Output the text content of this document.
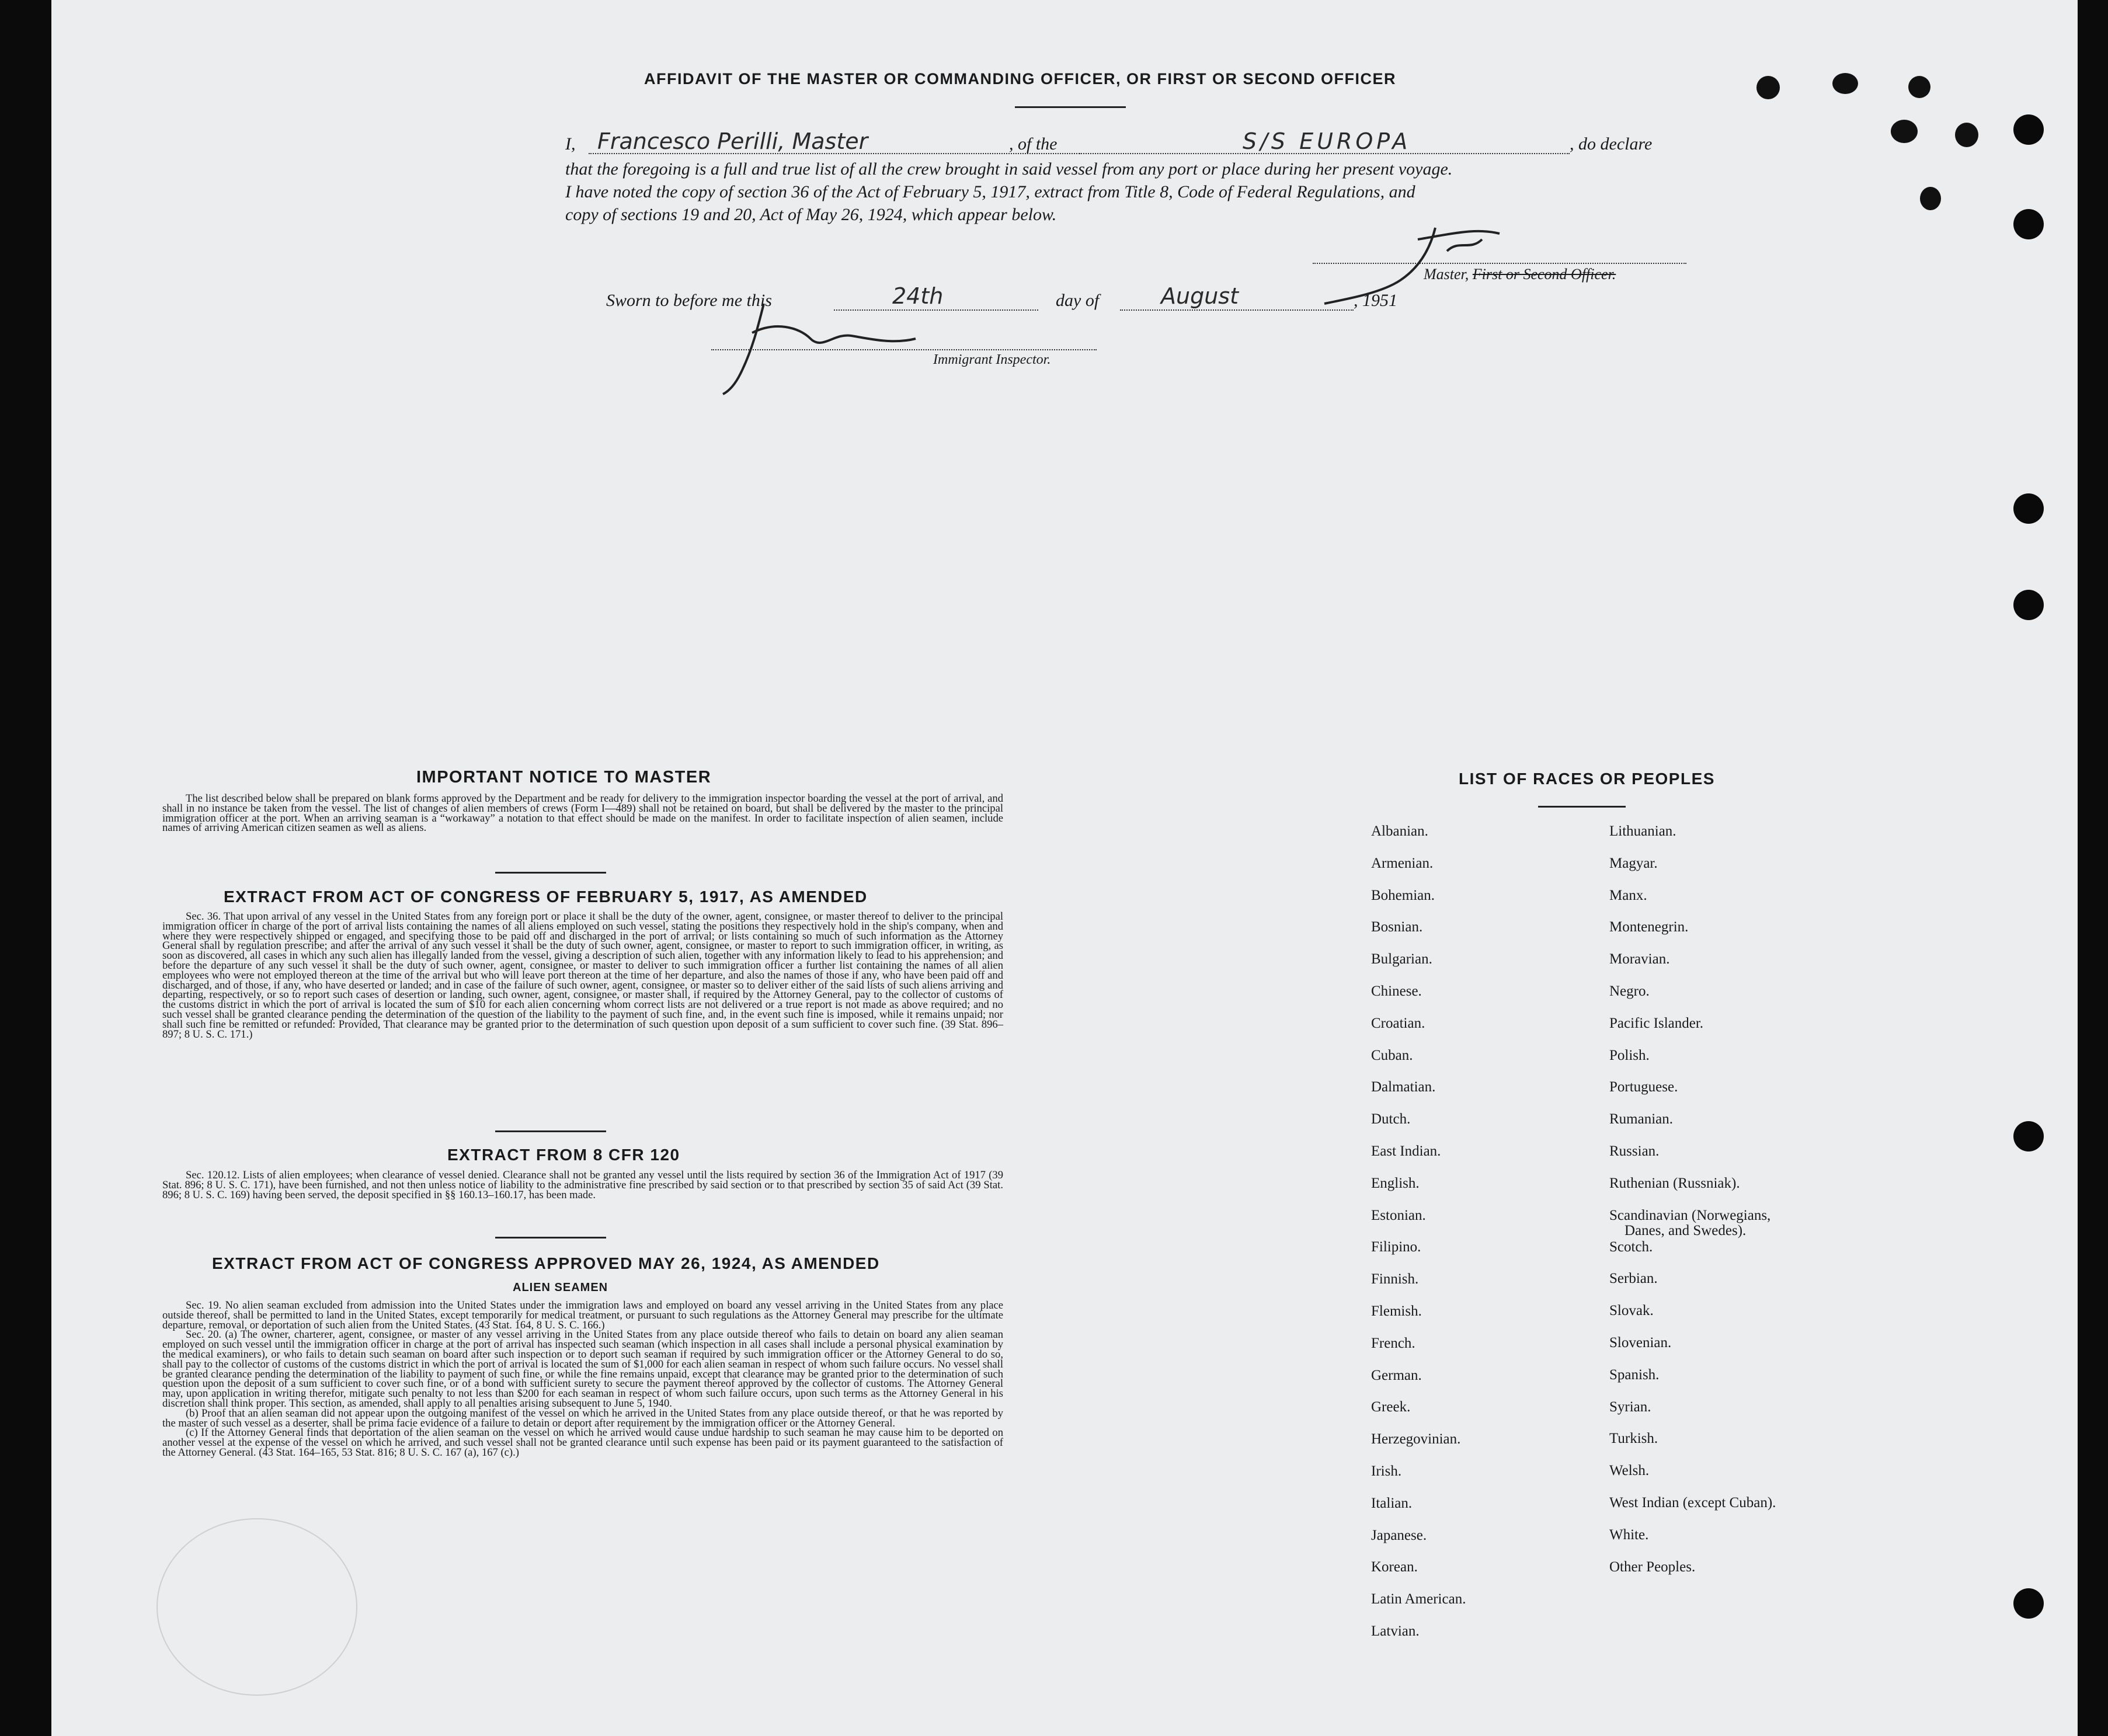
AFFIDAVIT OF THE MASTER OR COMMANDING OFFICER, OR FIRST OR SECOND OFFICER
I, Francesco Perilli, Master	, of the	S/S EUROPA	, do declare
that the foregoing is a full and true list of all the crew brought in said vessel from any port or place during her present voyage.
I have noted the copy of section 36 of the Act of February 5, 1917, extract from Title 8, Code of Federal Regulations, and
copy of sections 19 and 20, Act of May 26, 1924, which appear below.
Master, First or Second Officer.
Sworn to before me this	24th	day of	August	, 1951
Immigrant Inspector.
IMPORTANT NOTICE TO MASTER

The list described below shall be prepared on blank forms approved by the Department and be ready for delivery to the immigration inspector boarding the vessel at the port of arrival, and shall in no instance be taken from the vessel. The list of changes of alien members of crews (Form I—489) shall not be retained on board, but shall be delivered by the master to the principal immigration officer at the port. When an arriving seaman is a “workaway” a notation to that effect should be made on the manifest. In order to facilitate inspection of alien seamen, include names of arriving American citizen seamen as well as aliens.

EXTRACT FROM ACT OF CONGRESS OF FEBRUARY 5, 1917, AS AMENDED

Sec. 36. That upon arrival of any vessel in the United States from any foreign port or place it shall be the duty of the owner, agent, consignee, or master thereof to deliver to the principal immigration officer in charge of the port of arrival lists containing the names of all aliens employed on such vessel, stating the positions they respectively hold in the ship's company, when and where they were respectively shipped or engaged, and specifying those to be paid off and discharged in the port of arrival; or lists containing so much of such information as the Attorney General shall by regulation prescribe; and after the arrival of any such vessel it shall be the duty of such owner, agent, consignee, or master to report to such immigration officer, in writing, as soon as discovered, all cases in which any such alien has illegally landed from the vessel, giving a description of such alien, together with any information likely to lead to his apprehension; and before the departure of any such vessel it shall be the duty of such owner, agent, consignee, or master to deliver to such immigration officer a further list containing the names of all alien employees who were not employed thereon at the time of the arrival but who will leave port thereon at the time of her departure, and also the names of those if any, who have been paid off and discharged, and of those, if any, who have deserted or landed; and in case of the failure of such owner, agent, consignee, or master so to deliver either of the said lists of such aliens arriving and departing, respectively, or so to report such cases of desertion or landing, such owner, agent, consignee, or master shall, if required by the Attorney General, pay to the collector of customs of the customs district in which the port of arrival is located the sum of $10 for each alien concerning whom correct lists are not delivered or a true report is not made as above required; and no such vessel shall be granted clearance pending the determination of the question of the liability to the payment of such fine, and, in the event such fine is imposed, while it remains unpaid; nor shall such fine be remitted or refunded: Provided, That clearance may be granted prior to the determination of such question upon deposit of a sum sufficient to cover such fine. (39 Stat. 896–897; 8 U. S. C. 171.)

EXTRACT FROM 8 CFR 120

Sec. 120.12. Lists of alien employees; when clearance of vessel denied. Clearance shall not be granted any vessel until the lists required by section 36 of the Immigration Act of 1917 (39 Stat. 896; 8 U. S. C. 171), have been furnished, and not then unless notice of liability to the administrative fine prescribed by said section or to that prescribed by section 35 of said Act (39 Stat. 896; 8 U. S. C. 169) having been served, the deposit specified in §§ 160.13–160.17, has been made.

EXTRACT FROM ACT OF CONGRESS APPROVED MAY 26, 1924, AS AMENDED
ALIEN SEAMEN

Sec. 19. No alien seaman excluded from admission into the United States under the immigration laws and employed on board any vessel arriving in the United States from any place outside thereof, shall be permitted to land in the United States, except temporarily for medical treatment, or pursuant to such regulations as the Attorney General may prescribe for the ultimate departure, removal, or deportation of such alien from the United States. (43 Stat. 164, 8 U. S. C. 166.)

Sec. 20. (a) The owner, charterer, agent, consignee, or master of any vessel arriving in the United States from any place outside thereof who fails to detain on board any alien seaman employed on such vessel until the immigration officer in charge at the port of arrival has inspected such seaman (which inspection in all cases shall include a personal physical examination by the medical examiners), or who fails to detain such seaman on board after such inspection or to deport such seaman if required by such immigration officer or the Attorney General to do so, shall pay to the collector of customs of the customs district in which the port of arrival is located the sum of $1,000 for each alien seaman in respect of whom such failure occurs. No vessel shall be granted clearance pending the determination of the liability to payment of such fine, or while the fine remains unpaid, except that clearance may be granted prior to the determination of such question upon the deposit of a sum sufficient to cover such fine, or of a bond with sufficient surety to secure the payment thereof approved by the collector of customs. The Attorney General may, upon application in writing therefor, mitigate such penalty to not less than $200 for each seaman in respect of whom such failure occurs, upon such terms as the Attorney General in his discretion shall think proper. This section, as amended, shall apply to all penalties arising subsequent to June 5, 1940.

(b) Proof that an alien seaman did not appear upon the outgoing manifest of the vessel on which he arrived in the United States from any place outside thereof, or that he was reported by the master of such vessel as a deserter, shall be prima facie evidence of a failure to detain or deport after requirement by the immigration officer or the Attorney General.

(c) If the Attorney General finds that deportation of the alien seaman on the vessel on which he arrived would cause undue hardship to such seaman he may cause him to be deported on another vessel at the expense of the vessel on which he arrived, and such vessel shall not be granted clearance until such expense has been paid or its payment guaranteed to the satisfaction of the Attorney General. (43 Stat. 164–165, 53 Stat. 816; 8 U. S. C. 167 (a), 167 (c).)

LIST OF RACES OR PEOPLES
Albanian.
Armenian.
Bohemian.
Bosnian.
Bulgarian.
Chinese.
Croatian.
Cuban.
Dalmatian.
Dutch.
East Indian.
English.
Estonian.
Filipino.
Finnish.
Flemish.
French.
German.
Greek.
Herzegovinian.
Irish.
Italian.
Japanese.
Korean.
Latin American.
Latvian.
Lithuanian.
Magyar.
Manx.
Montenegrin.
Moravian.
Negro.
Pacific Islander.
Polish.
Portuguese.
Rumanian.
Russian.
Ruthenian (Russniak).
Scandinavian (Norwegians,
Danes, and Swedes).
Scotch.
Serbian.
Slovak.
Slovenian.
Spanish.
Syrian.
Turkish.
Welsh.
West Indian (except Cuban).
White.
Other Peoples.
